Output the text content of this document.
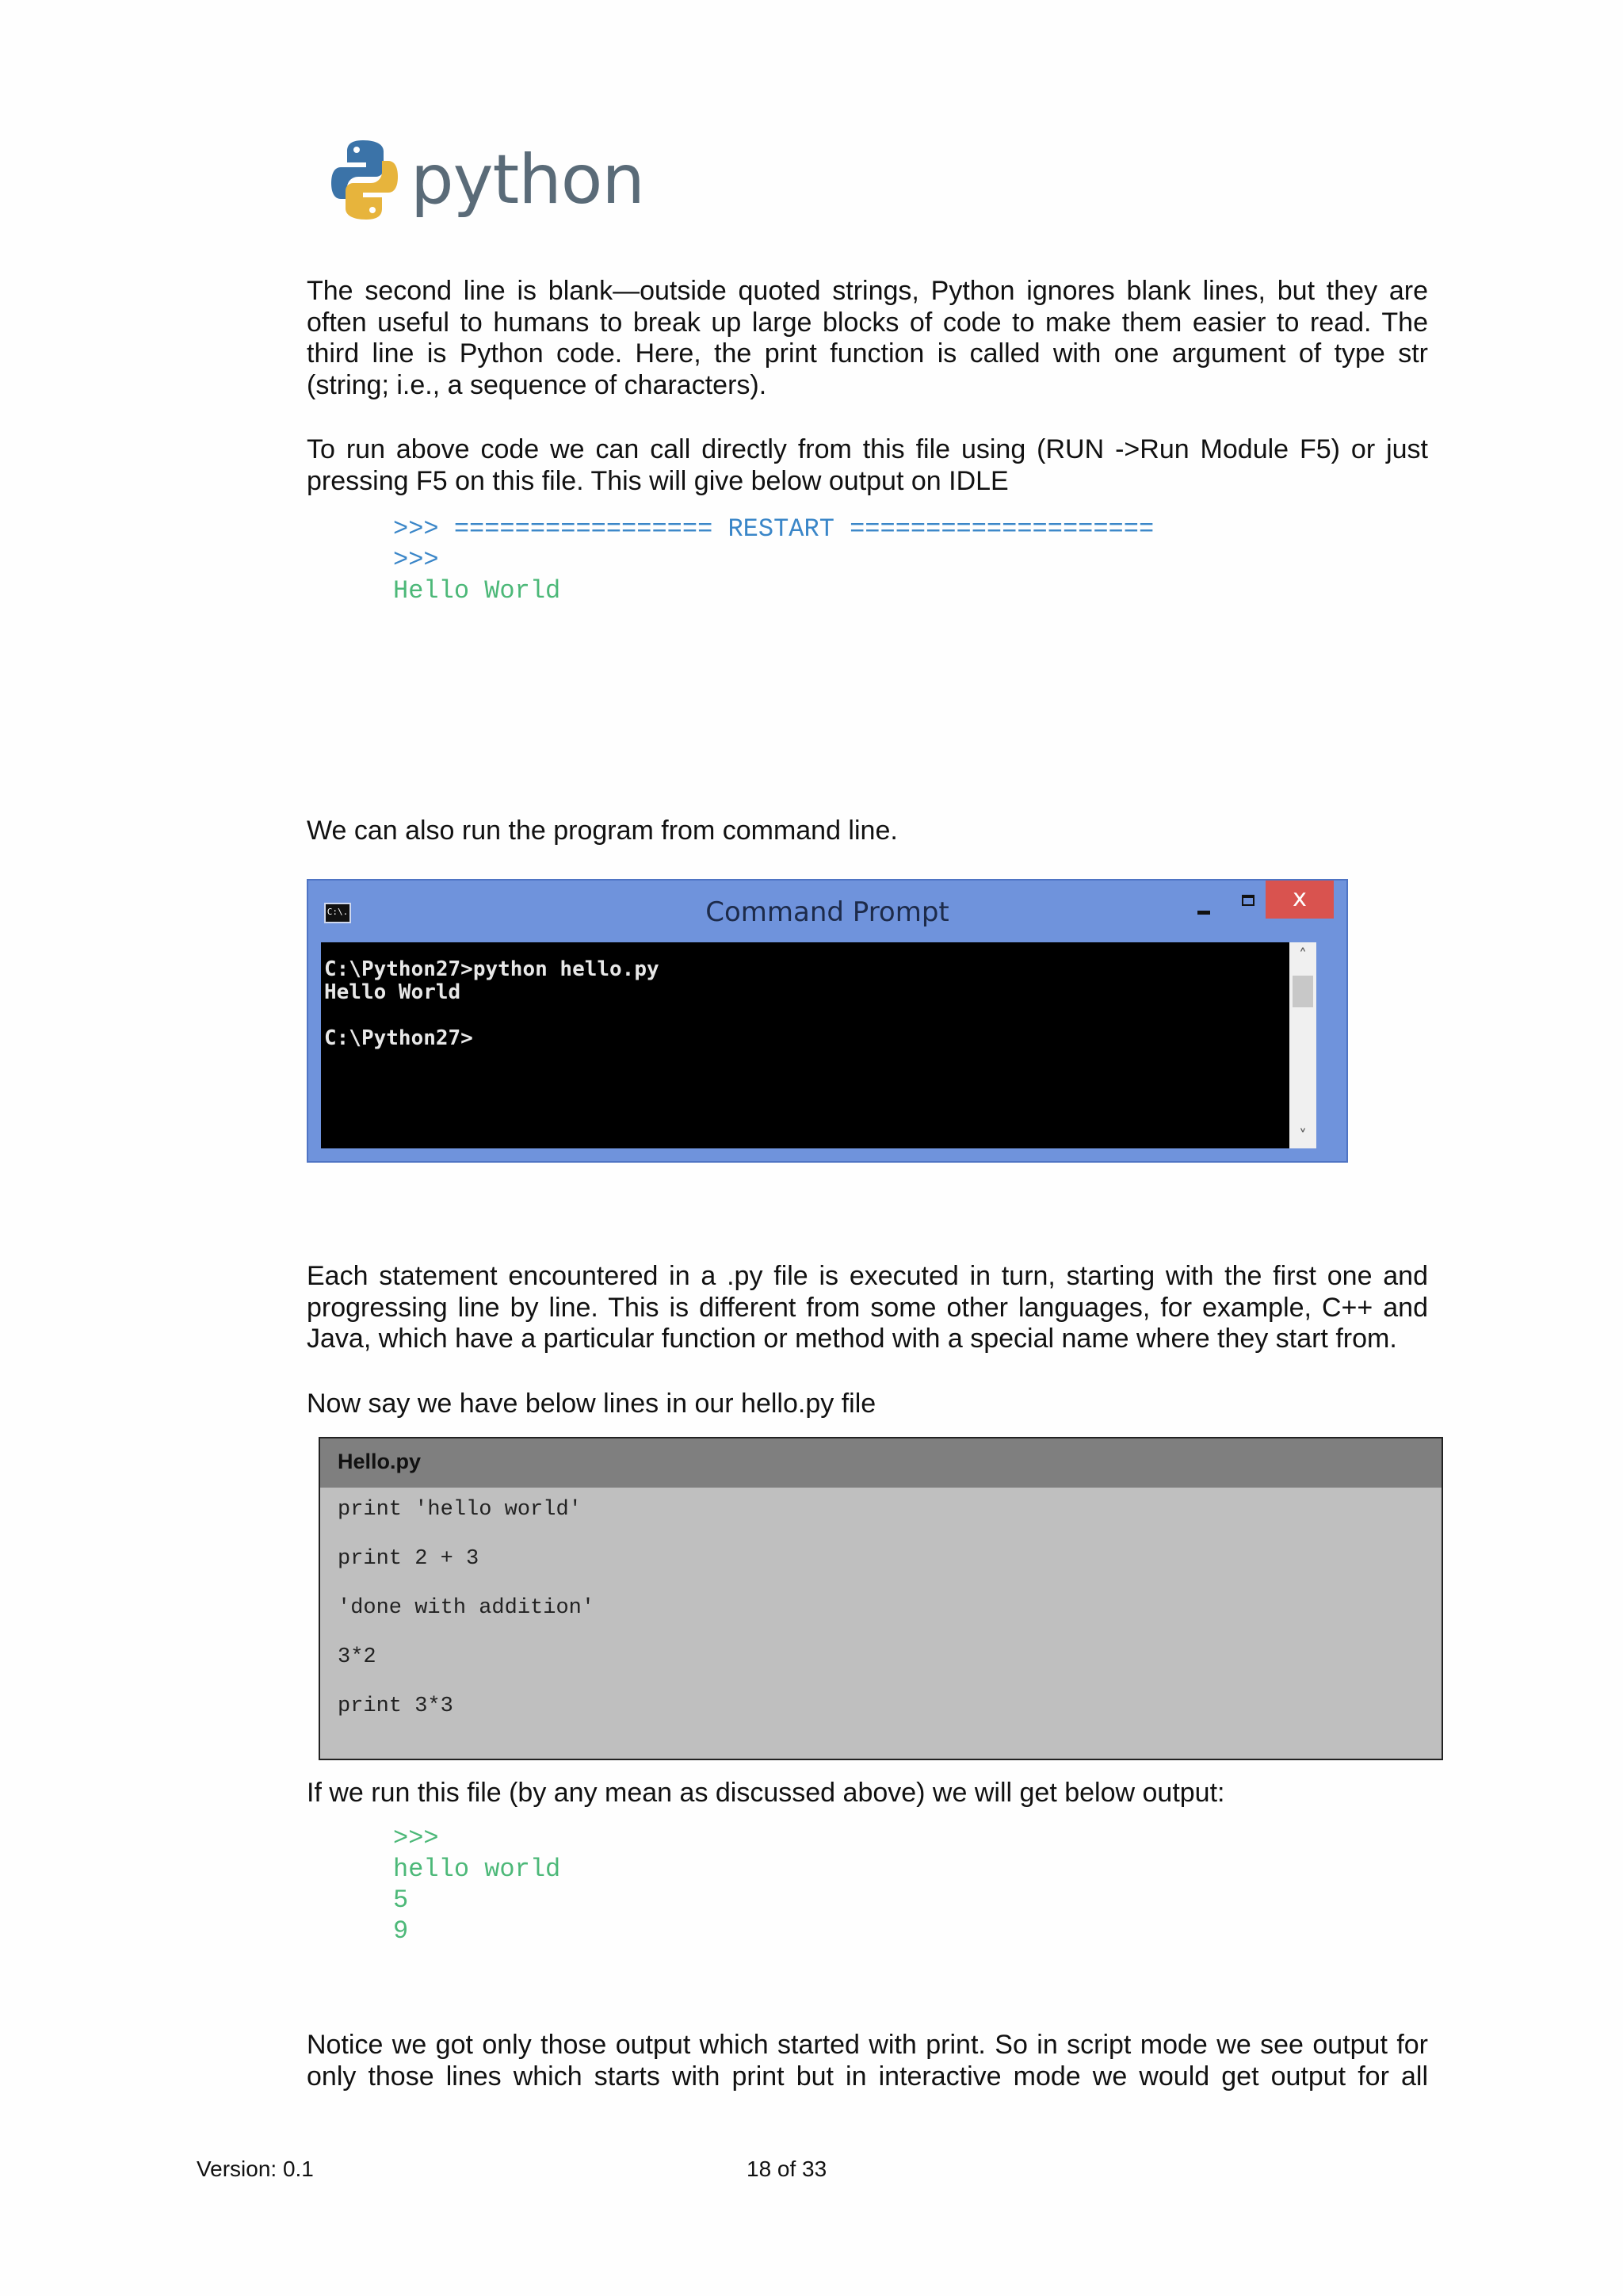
python
The second line is blank—outside quoted strings, Python ignores blank lines, but they are
often useful to humans to break up large blocks of code to make them easier to read. The
third line is Python code. Here, the print function is called with one argument of type str
(string; i.e., a sequence of characters).
To run above code we can call directly from this file using (RUN ->Run Module F5) or just
pressing F5 on this file. This will give below output on IDLE
>>> ================= RESTART ====================
>>>
Hello World
We can also run the program from command line.
C:\.	Command Prompt	x
C:\Python27>python hello.py
Hello World
C:\Python27>
˄
˅
Each statement encountered in a .py file is executed in turn, starting with the first one and
progressing line by line. This is different from some other languages, for example, C++ and
Java, which have a particular function or method with a special name where they start from.
Now say we have below lines in our hello.py file
Hello.py
print 'hello world'
print 2 + 3
'done with addition'
3*2
print 3*3
If we run this file (by any mean as discussed above) we will get below output:
>>>
hello world
5
9
Notice we got only those output which started with print. So in script mode we see output for
only those lines which starts with print but in interactive mode we would get output for all
Version: 0.1	18 of 33
